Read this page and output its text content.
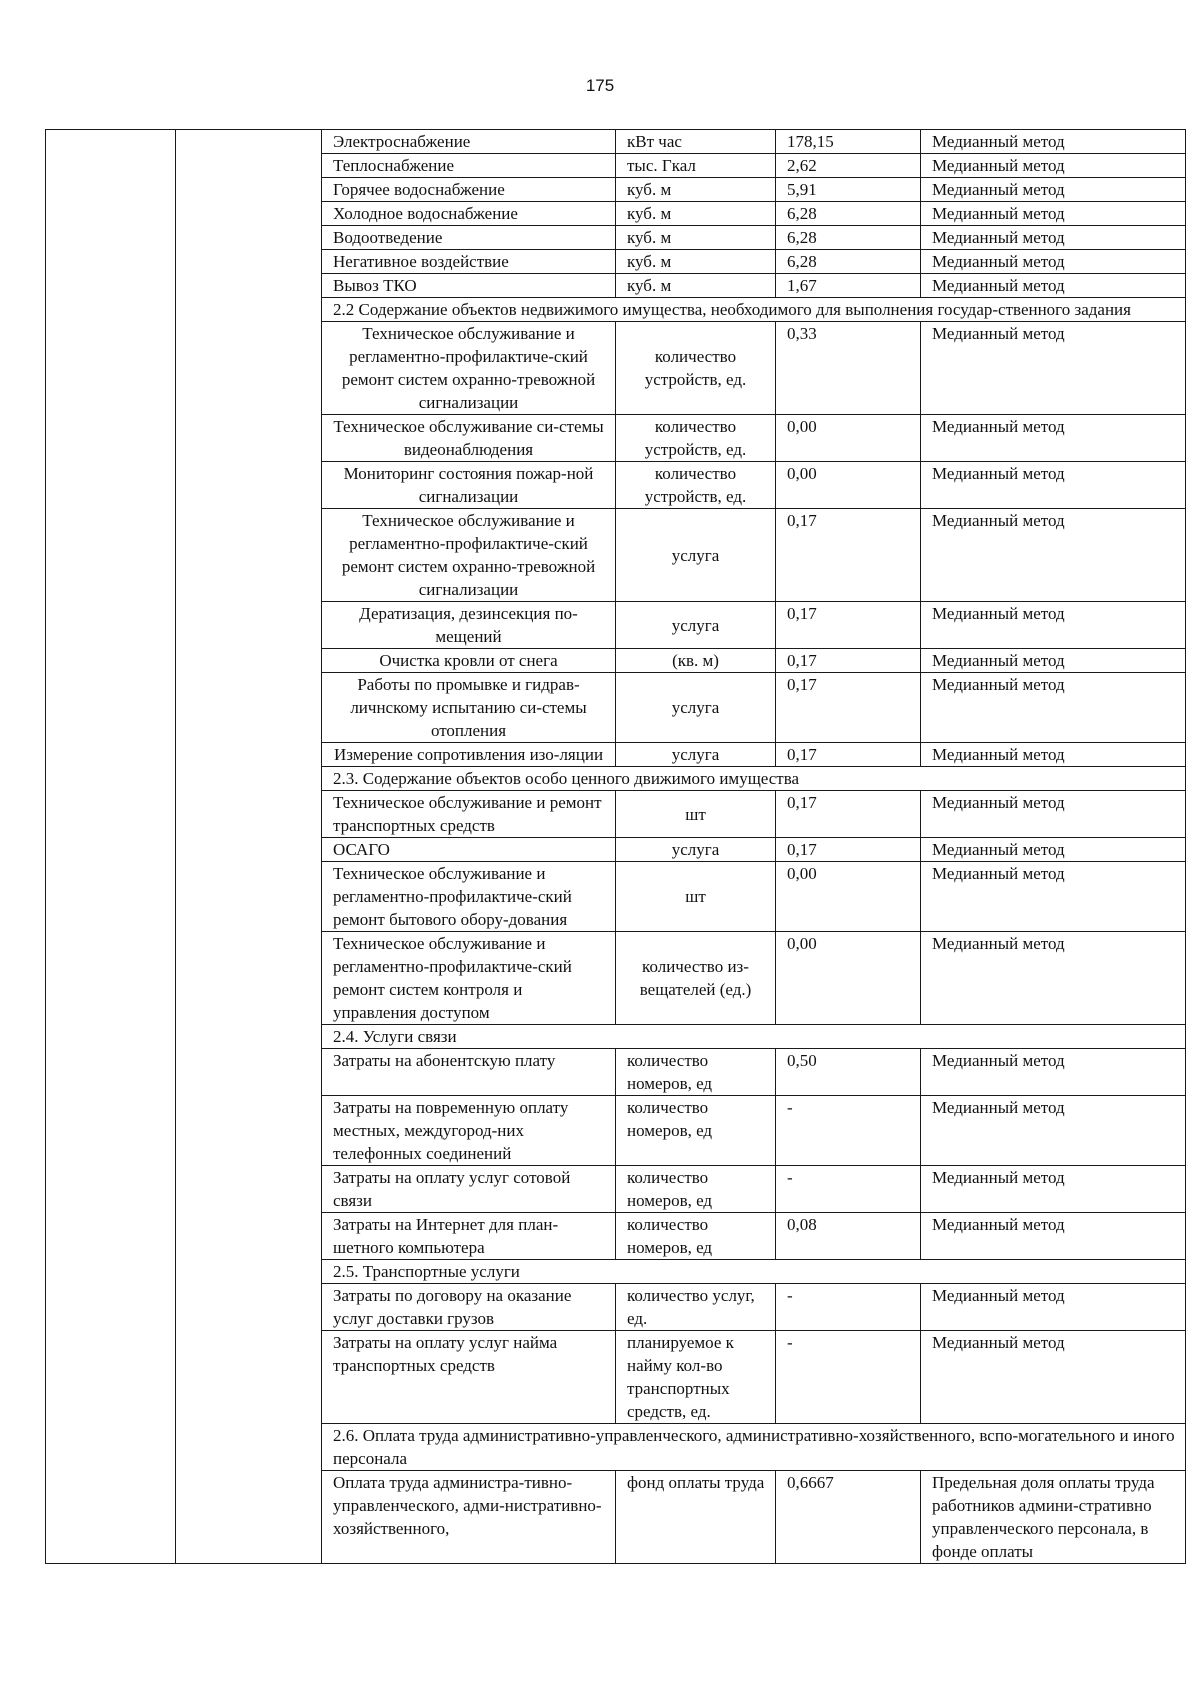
175
		Электроснабжение	кВт час	178,15	Медианный метод
		Теплоснабжение	тыс. Гкал	2,62	Медианный метод
		Горячее водоснабжение	куб. м	5,91	Медианный метод
		Холодное водоснабжение	куб. м	6,28	Медианный метод
		Водоотведение	куб. м	6,28	Медианный метод
		Негативное воздействие	куб. м	6,28	Медианный метод
		Вывоз ТКО	куб. м	1,67	Медианный метод
		2.2 Содержание объектов недвижимого имущества, необходимого для выполнения государ-ственного задания			
		Техническое обслуживание и регламентно-профилактиче-ский ремонт систем охранно-тревожной сигнализации	количество устройств, ед.	0,33	Медианный метод
		Техническое обслуживание си-стемы видеонаблюдения	количество устройств, ед.	0,00	Медианный метод
		Мониторинг состояния пожар-ной сигнализации	количество устройств, ед.	0,00	Медианный метод
		Техническое обслуживание и регламентно-профилактиче-ский ремонт систем охранно-тревожной сигнализации	услуга	0,17	Медианный метод
		Дератизация, дезинсекция по-мещений	услуга	0,17	Медианный метод
		Очистка кровли от снега	(кв. м)	0,17	Медианный метод
		Работы по промывке и гидрав-личнскому испытанию си-стемы отопления	услуга	0,17	Медианный метод
		Измерение сопротивления изо-ляции	услуга	0,17	Медианный метод
		2.3. Содержание объектов особо ценного движимого имущества			
		Техническое обслуживание и ремонт транспортных средств	шт	0,17	Медианный метод
		ОСАГО	услуга	0,17	Медианный метод
		Техническое обслуживание и регламентно-профилактиче-ский ремонт бытового обору-дования	шт	0,00	Медианный метод
		Техническое обслуживание и регламентно-профилактиче-ский ремонт систем контроля и управления доступом	количество из-вещателей (ед.)	0,00	Медианный метод
		2.4. Услуги связи			
		Затраты на абонентскую плату	количество номеров, ед	0,50	Медианный метод
		Затраты на повременную оплату местных, междугород-них телефонных соединений	количество номеров, ед	-	Медианный метод
		Затраты на оплату услуг сотовой связи	количество номеров, ед	-	Медианный метод
		Затраты на Интернет для план-шетного компьютера	количество номеров, ед	0,08	Медианный метод
		2.5. Транспортные услуги			
		Затраты по договору на оказание услуг доставки грузов	количество услуг, ед.	-	Медианный метод
		Затраты на оплату услуг найма транспортных средств	планируемое к найму кол-во транспортных средств, ед.	-	Медианный метод
		2.6. Оплата труда административно-управленческого, административно-хозяйственного, вспо-могательного и иного персонала			
		Оплата труда администра-тивно-управленческого, адми-нистративно-хозяйственного,	фонд оплаты труда	0,6667	Предельная доля оплаты труда работников админи-стративно управленческого персонала, в фонде оплаты
